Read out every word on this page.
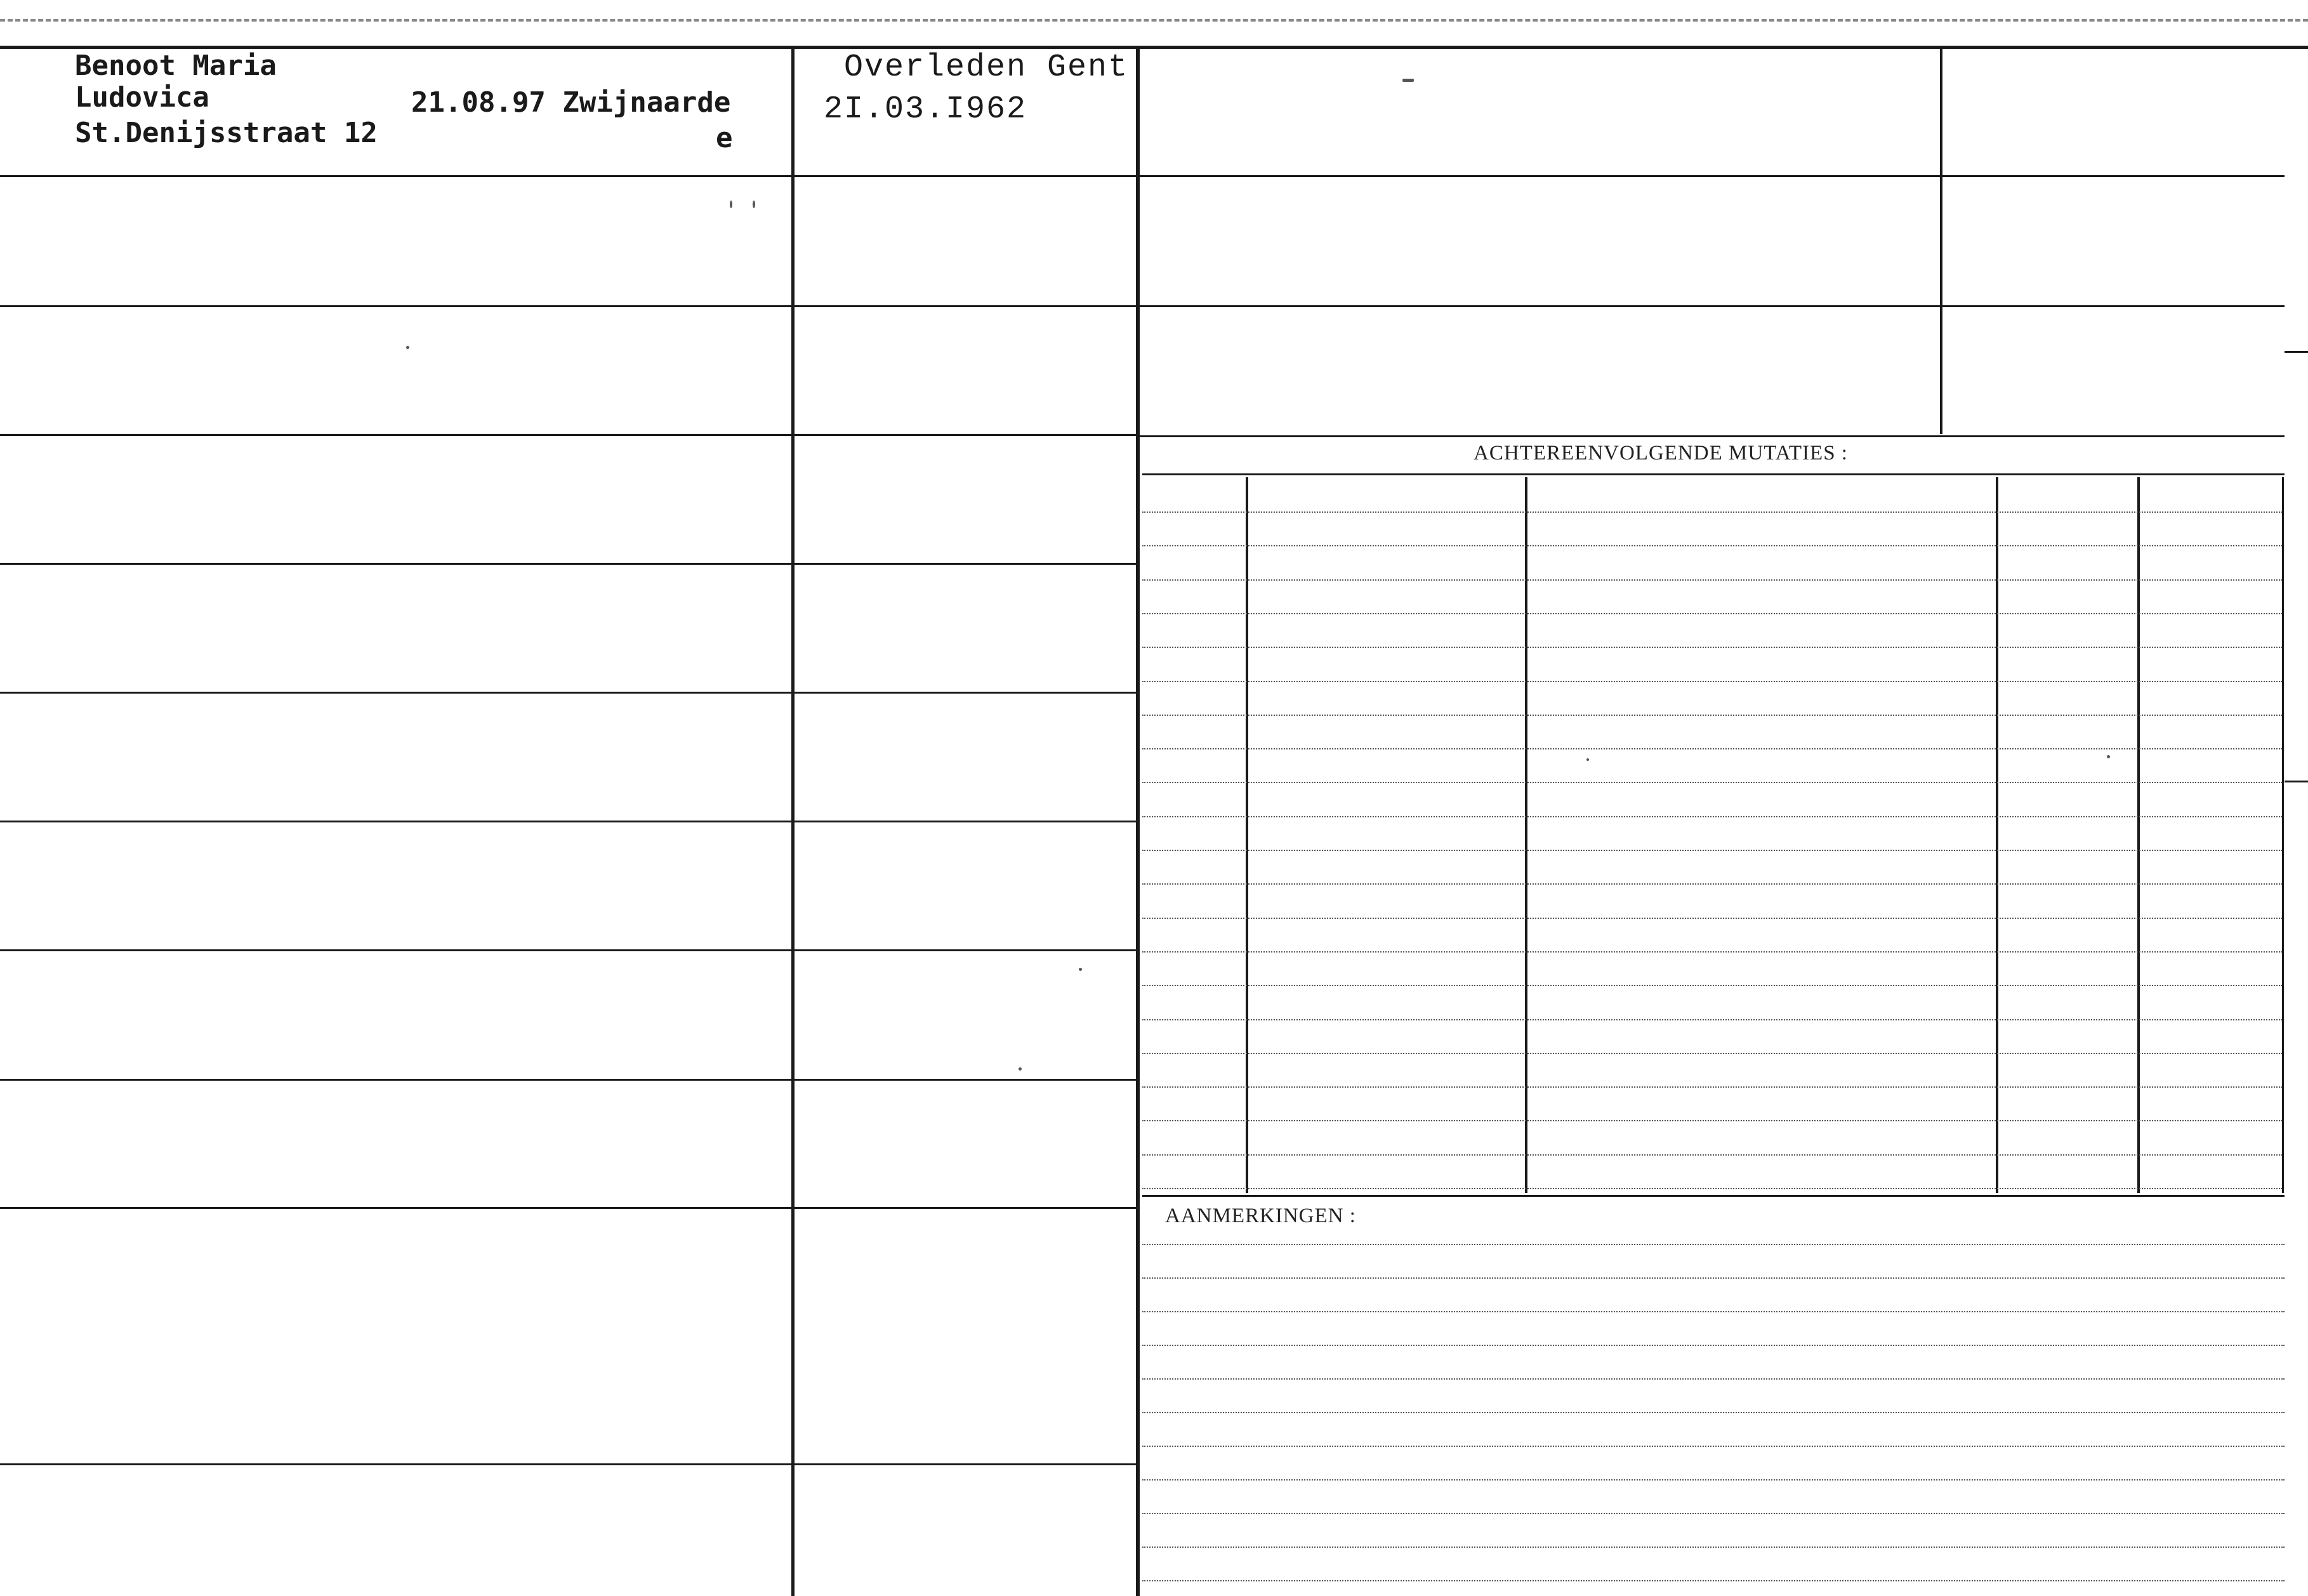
ACHTEREENVOLGENDE MUTATIES :
AANMERKINGEN :
Benoot Maria
Ludovica
St.Denijsstraat 12
21.08.97 Zwijnaarde
e
Overleden Gent
2I.03.I962
